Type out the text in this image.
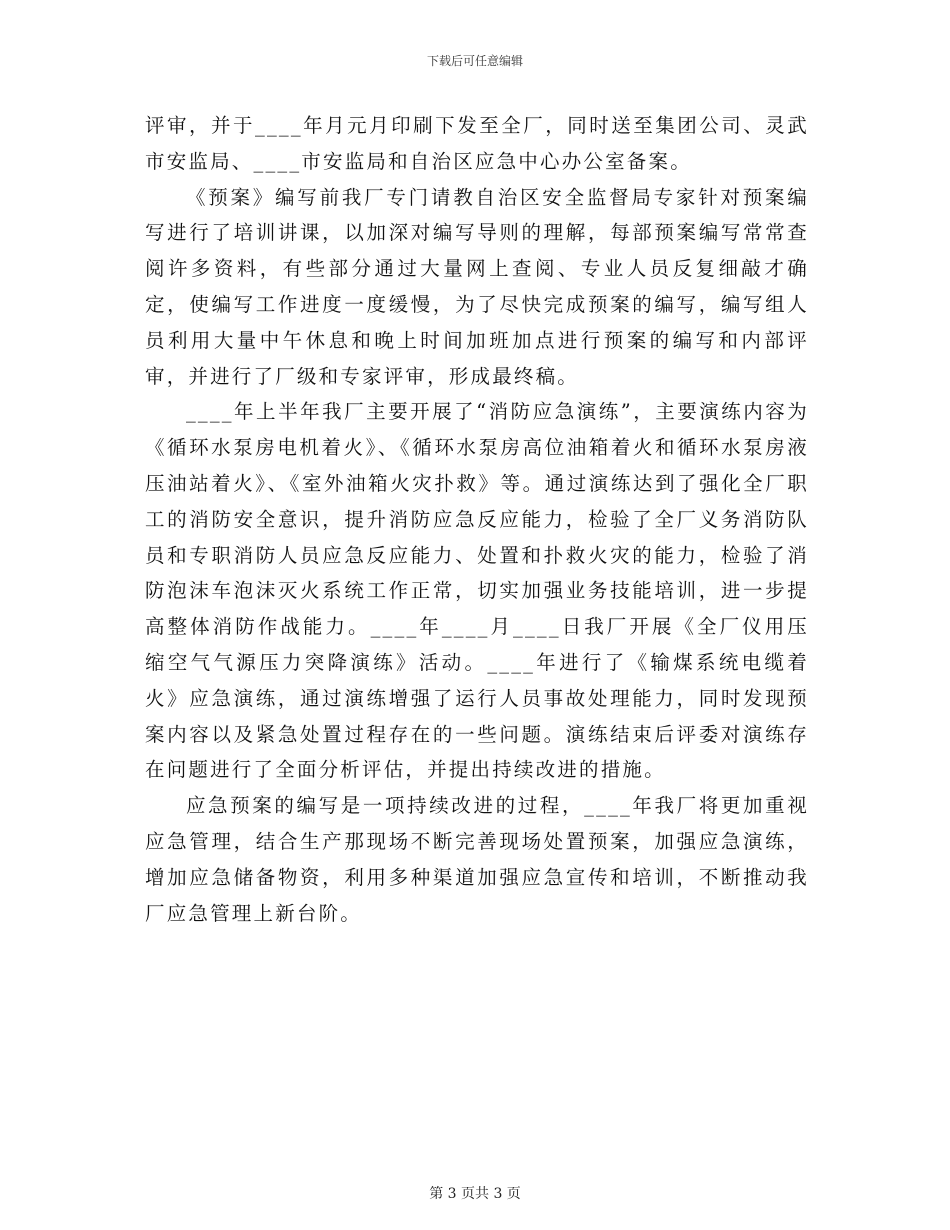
下载后可任意编辑

评审，并于____年月元月印刷下发至全厂，同时送至集团公司、灵武市安监局、____市安监局和自治区应急中心办公室备案。

《预案》编写前我厂专门请教自治区安全监督局专家针对预案编写进行了培训讲课，以加深对编写导则的理解，每部预案编写常常查阅许多资料，有些部分通过大量网上查阅、专业人员反复细敲才确定，使编写工作进度一度缓慢，为了尽快完成预案的编写，编写组人员利用大量中午休息和晚上时间加班加点进行预案的编写和内部评审，并进行了厂级和专家评审，形成最终稿。

____年上半年我厂主要开展了“消防应急演练”，主要演练内容为《循环水泵房电机着火》、《循环水泵房高位油箱着火和循环水泵房液压油站着火》、《室外油箱火灾扑救》等。通过演练达到了强化全厂职工的消防安全意识，提升消防应急反应能力，检验了全厂义务消防队员和专职消防人员应急反应能力、处置和扑救火灾的能力，检验了消防泡沫车泡沫灭火系统工作正常，切实加强业务技能培训，进一步提高整体消防作战能力。____年____月____日我厂开展《全厂仪用压缩空气气源压力突降演练》活动。____年进行了《输煤系统电缆着火》应急演练，通过演练增强了运行人员事故处理能力，同时发现预案内容以及紧急处置过程存在的一些问题。演练结束后评委对演练存在问题进行了全面分析评估，并提出持续改进的措施。

应急预案的编写是一项持续改进的过程，____年我厂将更加重视应急管理，结合生产那现场不断完善现场处置预案，加强应急演练，增加应急储备物资，利用多种渠道加强应急宣传和培训，不断推动我厂应急管理上新台阶。

第 3 页共 3 页
